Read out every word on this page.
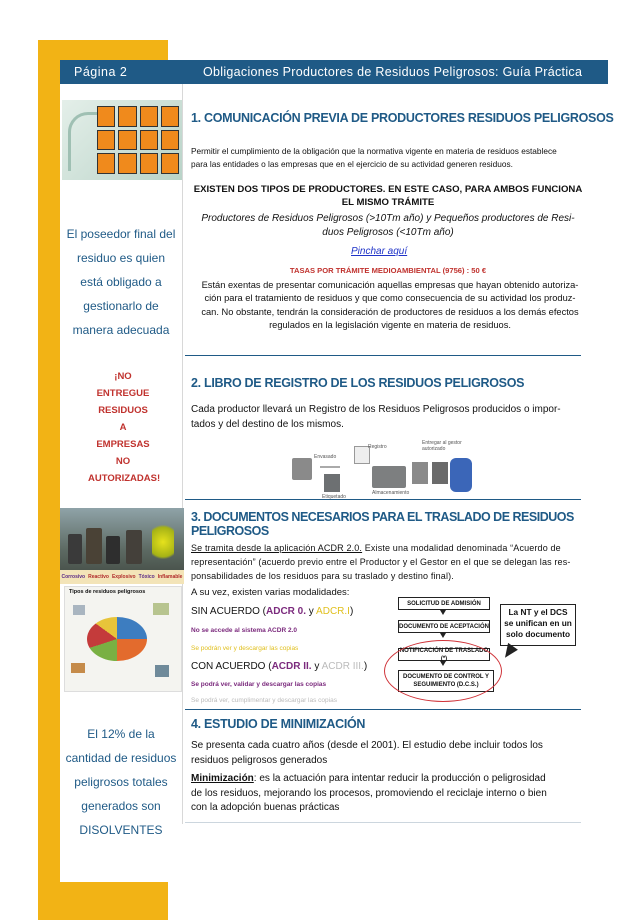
Página 2	Obligaciones Productores de Residuos Peligrosos: Guía Práctica
El poseedor final del
residuo es quien
está obligado a
gestionarlo de
manera adecuada
¡NO
ENTREGUE
RESIDUOS
A
EMPRESAS
NO
AUTORIZADAS!
Corrosivo Reactivo Explosivo Tóxico Inflamable
Tipos de residuos peligrosos
El 12% de la
cantidad de residuos
peligrosos totales
generados son
DISOLVENTES
1. COMUNICACIÓN PREVIA DE PRODUCTORES RESIDUOS PELIGROSOS
Permitir el cumplimiento de la obligación que la normativa vigente en materia de residuos establece
para las entidades o las empresas que en el ejercicio de su actividad generen residuos.
EXISTEN DOS TIPOS DE PRODUCTORES. EN ESTE CASO, PARA AMBOS FUNCIONA
EL MISMO TRÁMITE
Productores de Residuos Peligrosos (>10Tm año) y Pequeños productores de Resi-
duos Peligrosos (<10Tm año)
Pinchar aquí
TASAS POR TRÁMITE MEDIOAMBIENTAL (9756) : 50 €
Están exentas de presentar comunicación aquellas empresas que hayan obtenido autoriza-
ción para el tratamiento de residuos y que como consecuencia de su actividad los produz-
can. No obstante, tendrán la consideración de productores de residuos a los demás efectos
regulados en la legislación vigente en materia de residuos.
2. LIBRO DE REGISTRO DE LOS RESIDUOS PELIGROSOS
Cada productor llevará un Registro de los Residuos Peligrosos producidos o impor-
tados y del destino de los mismos.
Envasado
Etiquetado
Registro
Almacenamiento
Entregar al gestor autorizado
3. DOCUMENTOS NECESARIOS PARA EL TRASLADO DE RESIDUOS PELIGROSOS
Se tramita desde la aplicación ACDR 2.0. Existe una modalidad denominada “Acuerdo de
representación” (acuerdo previo entre el Productor y el Gestor en el que se delegan las res-
ponsabilidades de los residuos para su traslado y destino final).
A su vez, existen varias modalidades:
SIN ACUERDO (ADCR 0. y ADCR.I)
No se accede al sistema ACDR 2.0
Se podrán ver y descargar las copias
CON ACUERDO (ACDR II. y ACDR III.)
Se podrá ver, validar y descargar las copias
Se podrá ver, cumplimentar y descargar las copias
SOLICITUD DE ADMISIÓN
DOCUMENTO DE ACEPTACIÓN
NOTIFICACIÓN DE TRASLADO (*)
DOCUMENTO DE CONTROL Y SEGUIMIENTO (D.C.S.)
La NT y el DCS
se unifican en un
solo documento
4. ESTUDIO DE MINIMIZACIÓN
Se presenta cada cuatro años (desde el 2001). El estudio debe incluir todos los
residuos peligrosos generados
Minimización: es la actuación para intentar reducir la producción o peligrosidad
de los residuos, mejorando los procesos, promoviendo el reciclaje interno o bien
con la adopción buenas prácticas
